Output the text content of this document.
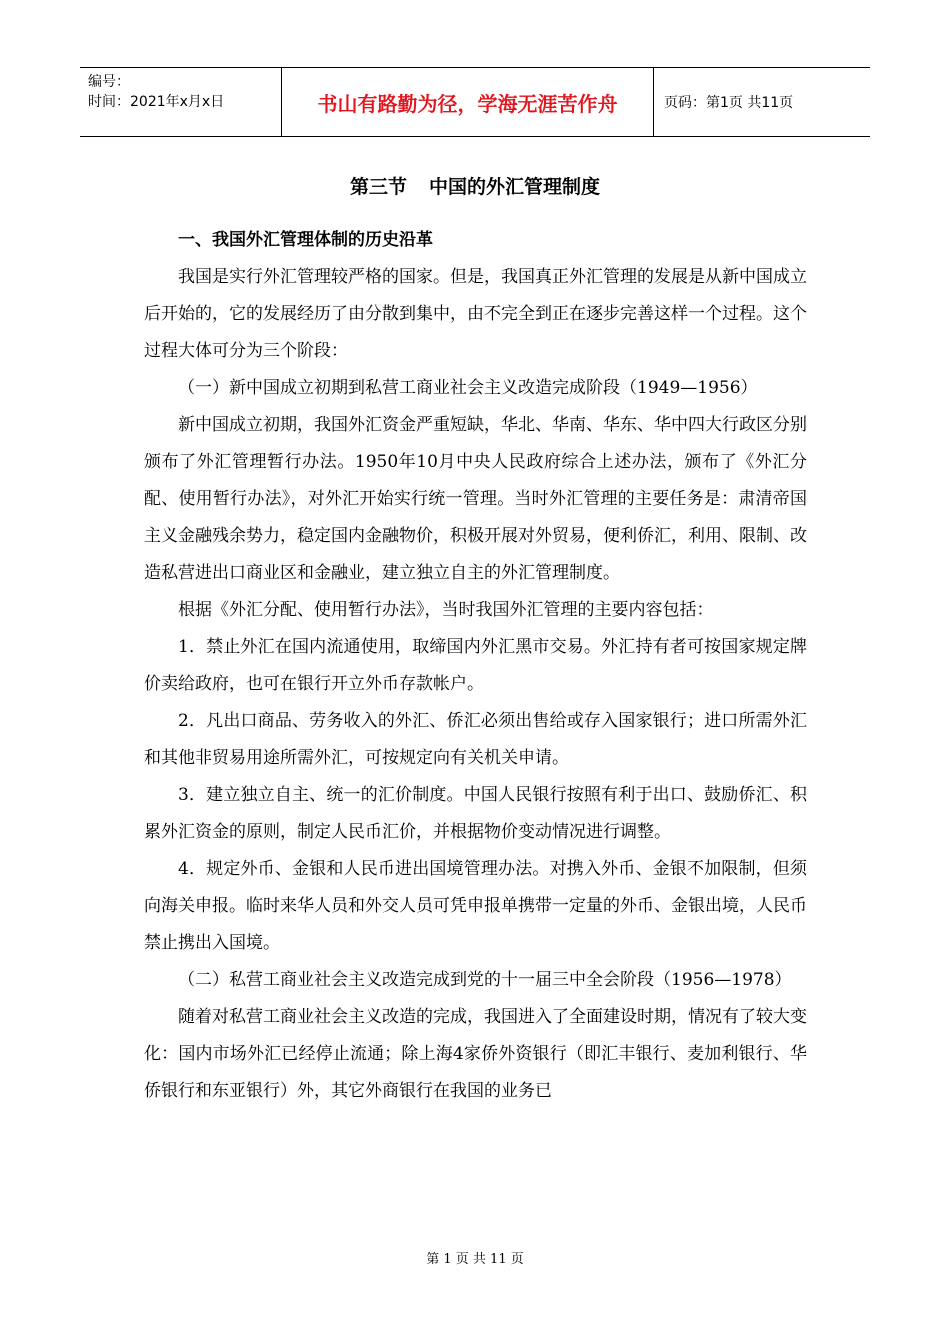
编号：
时间：2021年x月x日	书山有路勤为径，学海无涯苦作舟	页码：第1页 共11页
第三节 中国的外汇管理制度

一、我国外汇管理体制的历史沿革

我国是实行外汇管理较严格的国家。但是，我国真正外汇管理的发展是从新中国成立后开始的，它的发展经历了由分散到集中，由不完全到正在逐步完善这样一个过程。这个过程大体可分为三个阶段：

（一）新中国成立初期到私营工商业社会主义改造完成阶段（1949—1956）

新中国成立初期，我国外汇资金严重短缺，华北、华南、华东、华中四大行政区分别颁布了外汇管理暂行办法。1950年10月中央人民政府综合上述办法，颁布了《外汇分配、使用暂行办法》，对外汇开始实行统一管理。当时外汇管理的主要任务是：肃清帝国主义金融残余势力，稳定国内金融物价，积极开展对外贸易，便利侨汇，利用、限制、改造私营进出口商业区和金融业，建立独立自主的外汇管理制度。

根据《外汇分配、使用暂行办法》，当时我国外汇管理的主要内容包括：

1．禁止外汇在国内流通使用，取缔国内外汇黑市交易。外汇持有者可按国家规定牌价卖给政府，也可在银行开立外币存款帐户。

2．凡出口商品、劳务收入的外汇、侨汇必须出售给或存入国家银行；进口所需外汇和其他非贸易用途所需外汇，可按规定向有关机关申请。

3．建立独立自主、统一的汇价制度。中国人民银行按照有利于出口、鼓励侨汇、积累外汇资金的原则，制定人民币汇价，并根据物价变动情况进行调整。

4．规定外币、金银和人民币进出国境管理办法。对携入外币、金银不加限制，但须向海关申报。临时来华人员和外交人员可凭申报单携带一定量的外币、金银出境，人民币禁止携出入国境。

（二）私营工商业社会主义改造完成到党的十一届三中全会阶段（1956—1978）

随着对私营工商业社会主义改造的完成，我国进入了全面建设时期，情况有了较大变化：国内市场外汇已经停止流通；除上海4家侨外资银行（即汇丰银行、麦加利银行、华侨银行和东亚银行）外，其它外商银行在我国的业务已

第 1 页 共 11 页
